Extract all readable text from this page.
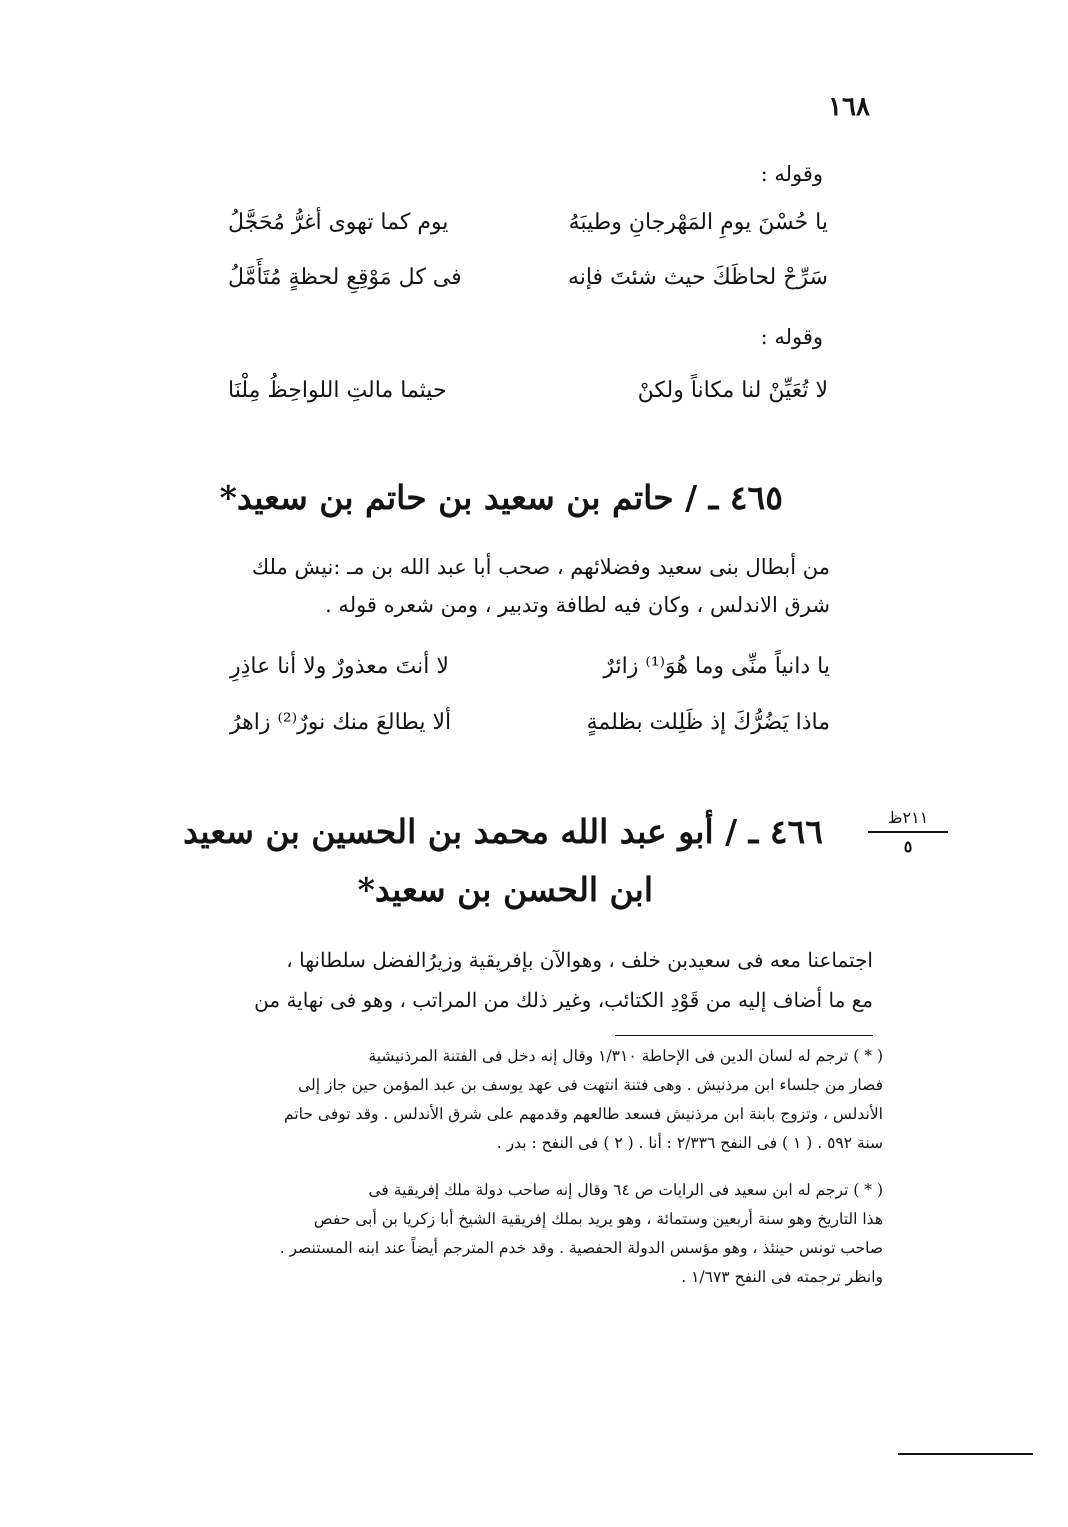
١٦٨
وقوله :
يا حُسْنَ يومِ المَهْرجانِ وطيبَهُ
يوم كما تهوى أغرُّ مُحَجَّلُ
سَرِّحْ لحاظَكَ حيث شئتَ فإنه
فى كل مَوْقِعِ لحظةٍ مُتَأَمَّلُ
وقوله :
لا تُعَيِّنْ لنا مكاناً ولكنْ
حيثما مالتِ اللواحِظُ مِلْنَا
٤٦٥ ـ / حاتم بن سعيد بن حاتم بن سعيد*
من أبطال بنى سعيد وفضلائهم ، صحب أبا عبد الله بن مـ :نيش ملك
شرق الاندلس ، وكان فيه لطافة وتدبير ، ومن شعره قوله .
يا دانياً منِّى وما هُوَ⁽¹⁾ زائرٌ
لا أنتَ معذورٌ ولا أنا عاذِرِ
ماذا يَضُرُّكَ إذ ظَلِلت بظلمةٍ
ألا يطالعَ منك نورٌ⁽²⁾ زاهرُ
٢١١ظ
٥
٤٦٦ ـ / أبو عبد الله محمد بن الحسين بن سعيد
ابن الحسن بن سعيد*
اجتماعنا معه فى سعيدبن خلف ، وهوالآن بإفريقية وزيرُالفضل سلطانها ،
مع ما أضاف إليه من قَوْدِ الكتائب، وغير ذلك من المراتب ، وهو فى نهاية من
( * ) ترجم له لسان الدين فى الإحاطة ١/٣١٠ وقال إنه دخل فى الفتنة المرذنيشية
فصار من جلساء ابن مرذنيش . وهى فتنة انتهت فى عهد يوسف بن عبد المؤمن حين جاز إلى
الأندلس ، وتزوج بابنة ابن مرذنيش فسعد طالعهم وقدمهم على شرق الأندلس . وقد توفى حاتم
سنة ٥٩٢ . ( ١ ) فى النفح ٢/٣٣٦ : أنا . ( ٢ ) فى النفح : بدر .
( * ) ترجم له ابن سعيد فى الرايات ص ٦٤ وقال إنه صاحب دولة ملك إفريقية فى
هذا التاريخ وهو سنة أربعين وستمائة ، وهو يريد بملك إفريقية الشيخ أبا زكريا بن أبى حفص
صاحب تونس حينئذ ، وهو مؤسس الدولة الحفصية . وقد خدم المترجم أيضاً عند ابنه المستنصر .
وانظر ترجمته فى النفح ١/٦٧٣ .
